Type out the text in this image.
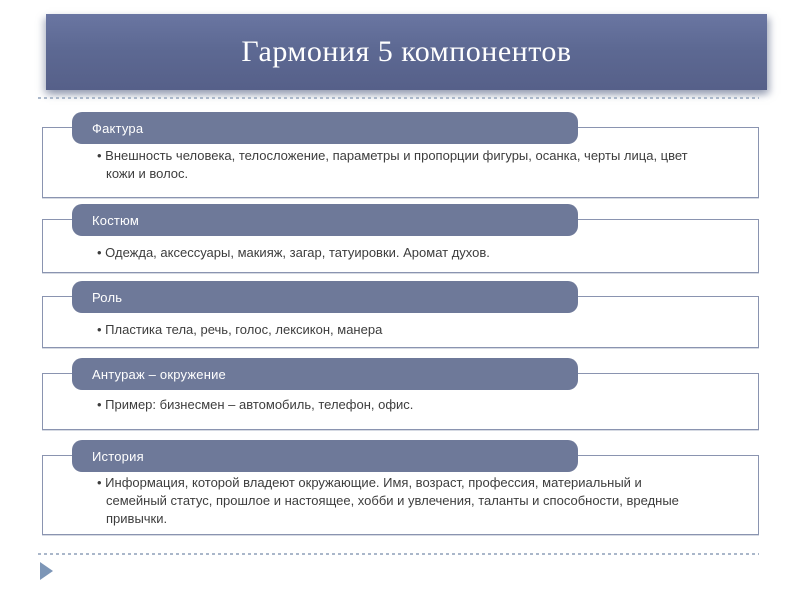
Гармония 5 компонентов
Фактура
• Внешность человека, телосложение, параметры и пропорции фигуры, осанка, черты лица, цвет кожи и волос.
Костюм
• Одежда, аксессуары, макияж, загар, татуировки. Аромат духов.
Роль
• Пластика тела, речь, голос, лексикон, манера
Антураж – окружение
• Пример: бизнесмен – автомобиль, телефон, офис.
История
• Информация, которой владеют окружающие. Имя, возраст, профессия, материальный и семейный статус, прошлое и настоящее, хобби и увлечения, таланты и способности, вредные привычки.
